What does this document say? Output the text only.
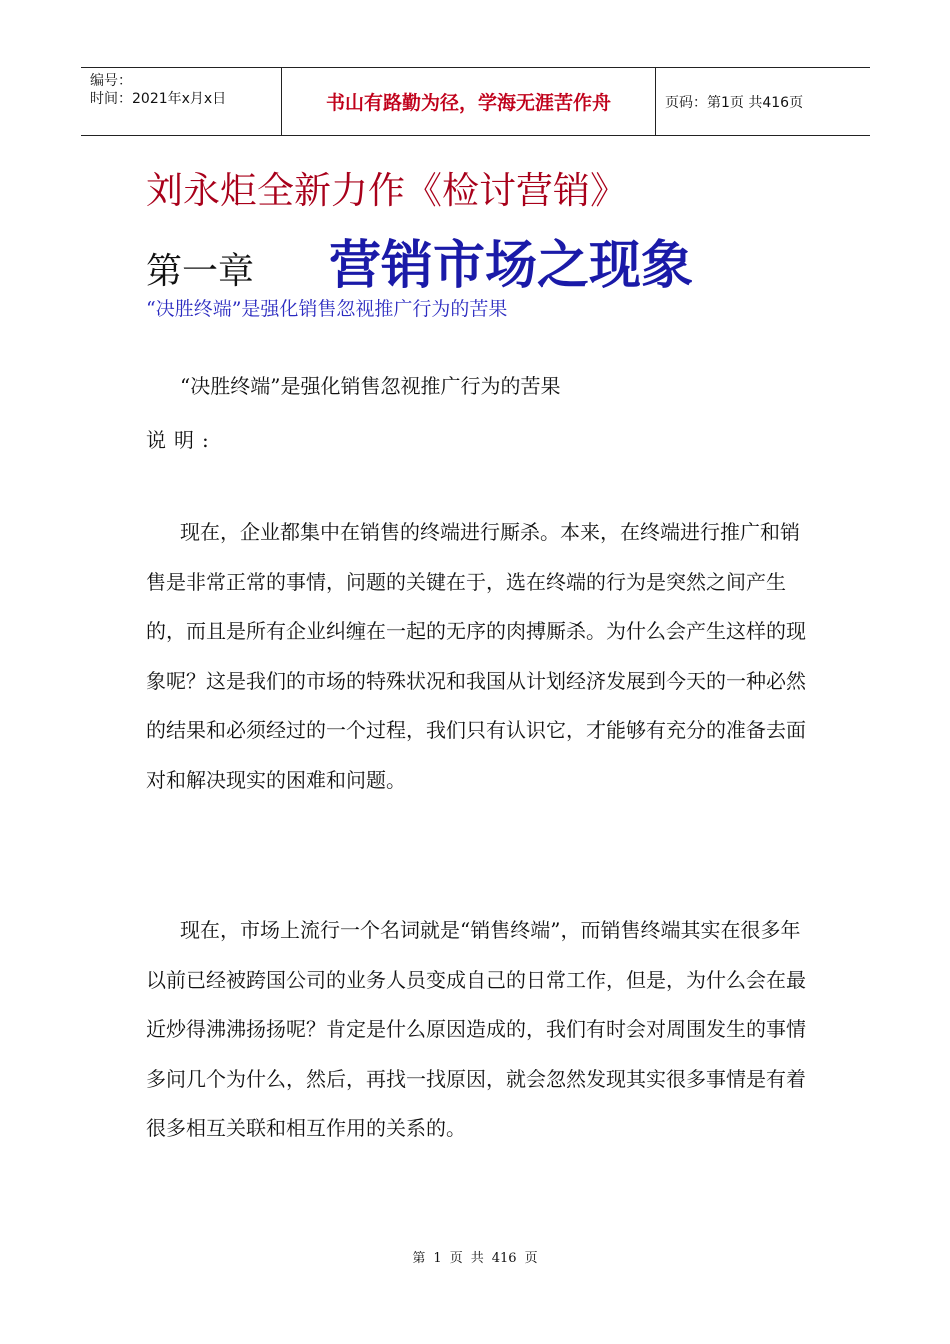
编号：
时间：2021年x月x日	书山有路勤为径，学海无涯苦作舟	页码：第1页 共416页
刘永炬全新力作《检讨营销》
第一章 营销市场之现象
“决胜终端”是强化销售忽视推广行为的苦果
“决胜终端”是强化销售忽视推广行为的苦果
说明:

现在，企业都集中在销售的终端进行厮杀。本来，在终端进行推广和销售是非常正常的事情，问题的关键在于，选在终端的行为是突然之间产生的，而且是所有企业纠缠在一起的无序的肉搏厮杀。为什么会产生这样的现象呢？这是我们的市场的特殊状况和我国从计划经济发展到今天的一种必然的结果和必须经过的一个过程，我们只有认识它，才能够有充分的准备去面对和解决现实的困难和问题。

现在，市场上流行一个名词就是“销售终端”，而销售终端其实在很多年以前已经被跨国公司的业务人员变成自己的日常工作，但是，为什么会在最近炒得沸沸扬扬呢？肯定是什么原因造成的，我们有时会对周围发生的事情多问几个为什么，然后，再找一找原因，就会忽然发现其实很多事情是有着很多相互关联和相互作用的关系的。

第 1 页 共 416 页
